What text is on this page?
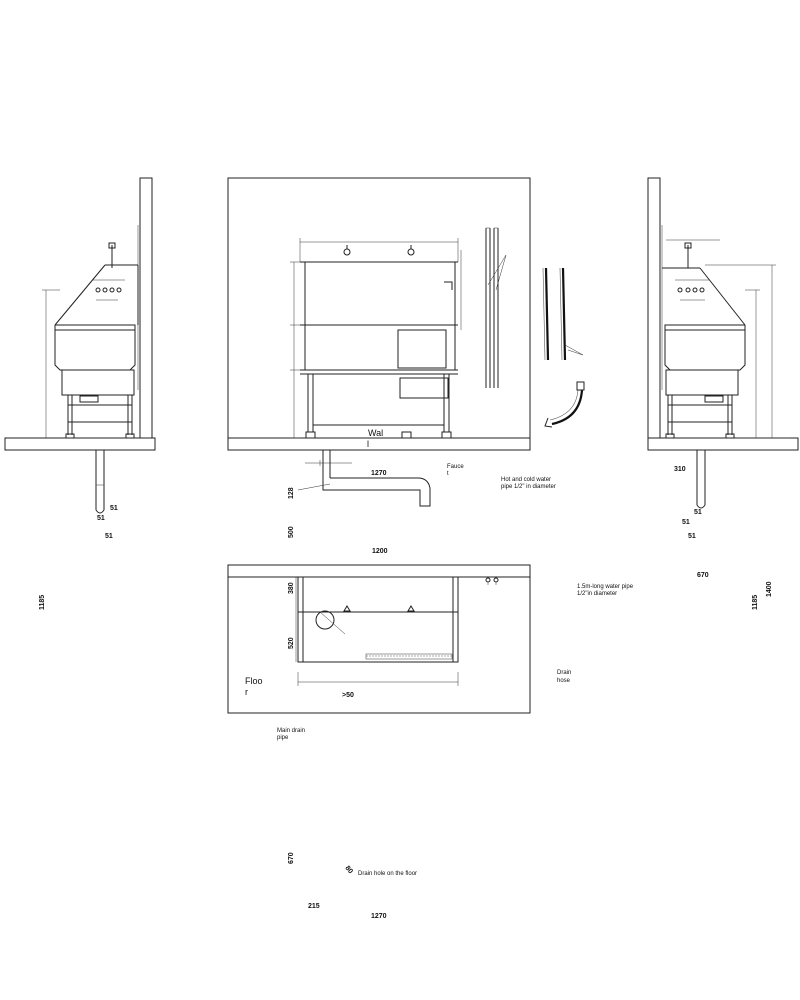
Wal
l
Fauce
t
Hot and cold water
pipe 1/2" in diameter
1.5m-long water pipe
1/2"in diameter
Floo
r
Drain
hose
Main drain
pipe
Drain hole on the floor
51
51
51
51
51
51
1270
1200
>50
215
1270
310
670
1185	1185
1400
128
500
380
520
670
80
